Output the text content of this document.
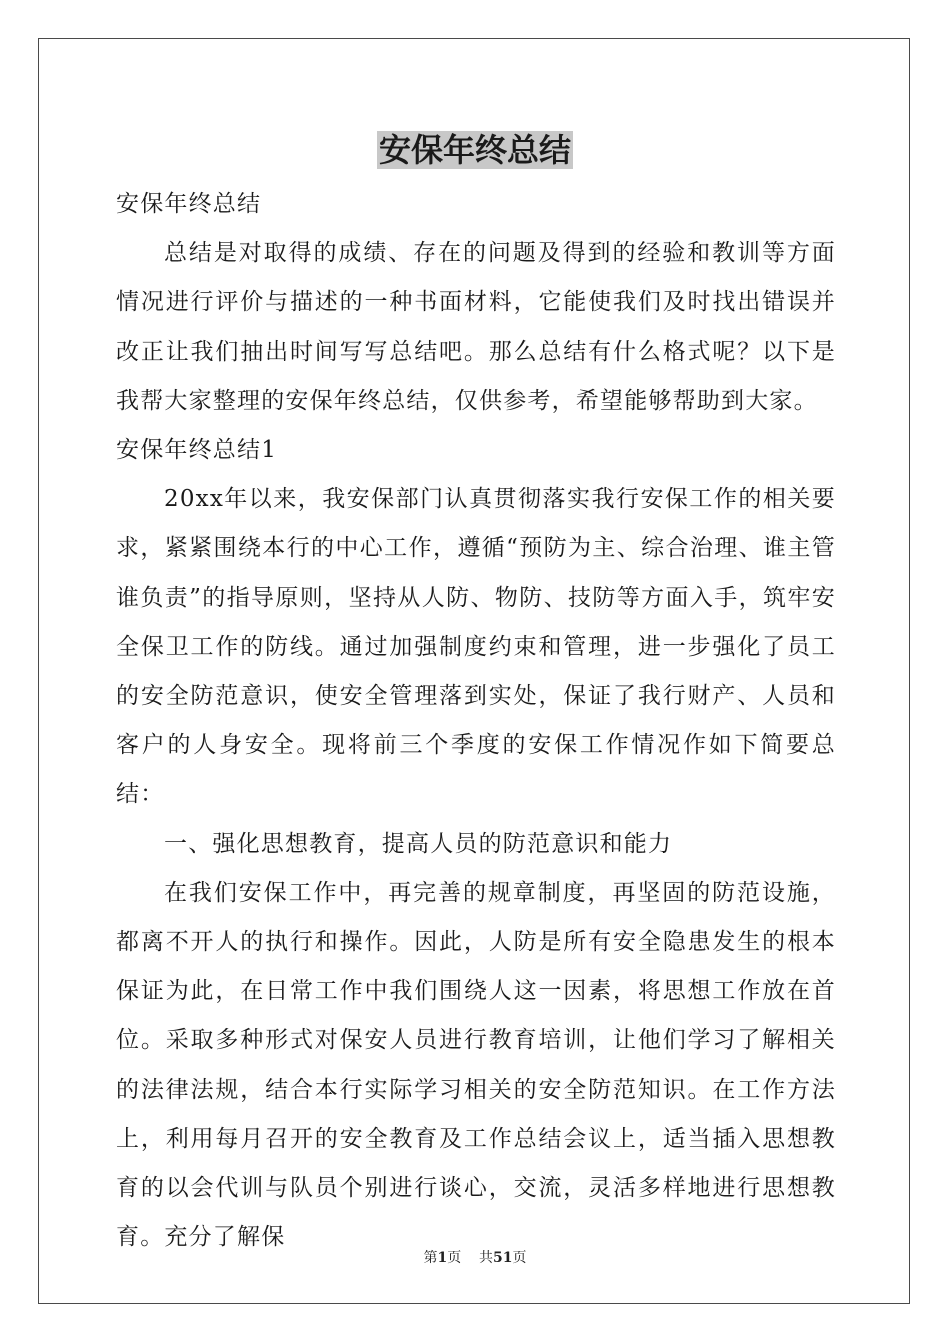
安保年终总结

安保年终总结

总结是对取得的成绩、存在的问题及得到的经验和教训等方面情况进行评价与描述的一种书面材料，它能使我们及时找出错误并改正让我们抽出时间写写总结吧。那么总结有什么格式呢？以下是我帮大家整理的安保年终总结，仅供参考，希望能够帮助到大家。

安保年终总结1

20xx年以来，我安保部门认真贯彻落实我行安保工作的相关要求，紧紧围绕本行的中心工作，遵循“预防为主、综合治理、谁主管谁负责”的指导原则，坚持从人防、物防、技防等方面入手，筑牢安全保卫工作的防线。通过加强制度约束和管理，进一步强化了员工的安全防范意识，使安全管理落到实处，保证了我行财产、人员和客户的人身安全。现将前三个季度的安保工作情况作如下简要总结：

一、强化思想教育，提高人员的防范意识和能力

在我们安保工作中，再完善的规章制度，再坚固的防范设施，都离不开人的执行和操作。因此，人防是所有安全隐患发生的根本保证为此，在日常工作中我们围绕人这一因素，将思想工作放在首位。采取多种形式对保安人员进行教育培训，让他们学习了解相关的法律法规，结合本行实际学习相关的安全防范知识。在工作方法上，利用每月召开的安全教育及工作总结会议上，适当插入思想教育的以会代训与队员个别进行谈心，交流，灵活多样地进行思想教育。充分了解保

第1页 共51页
